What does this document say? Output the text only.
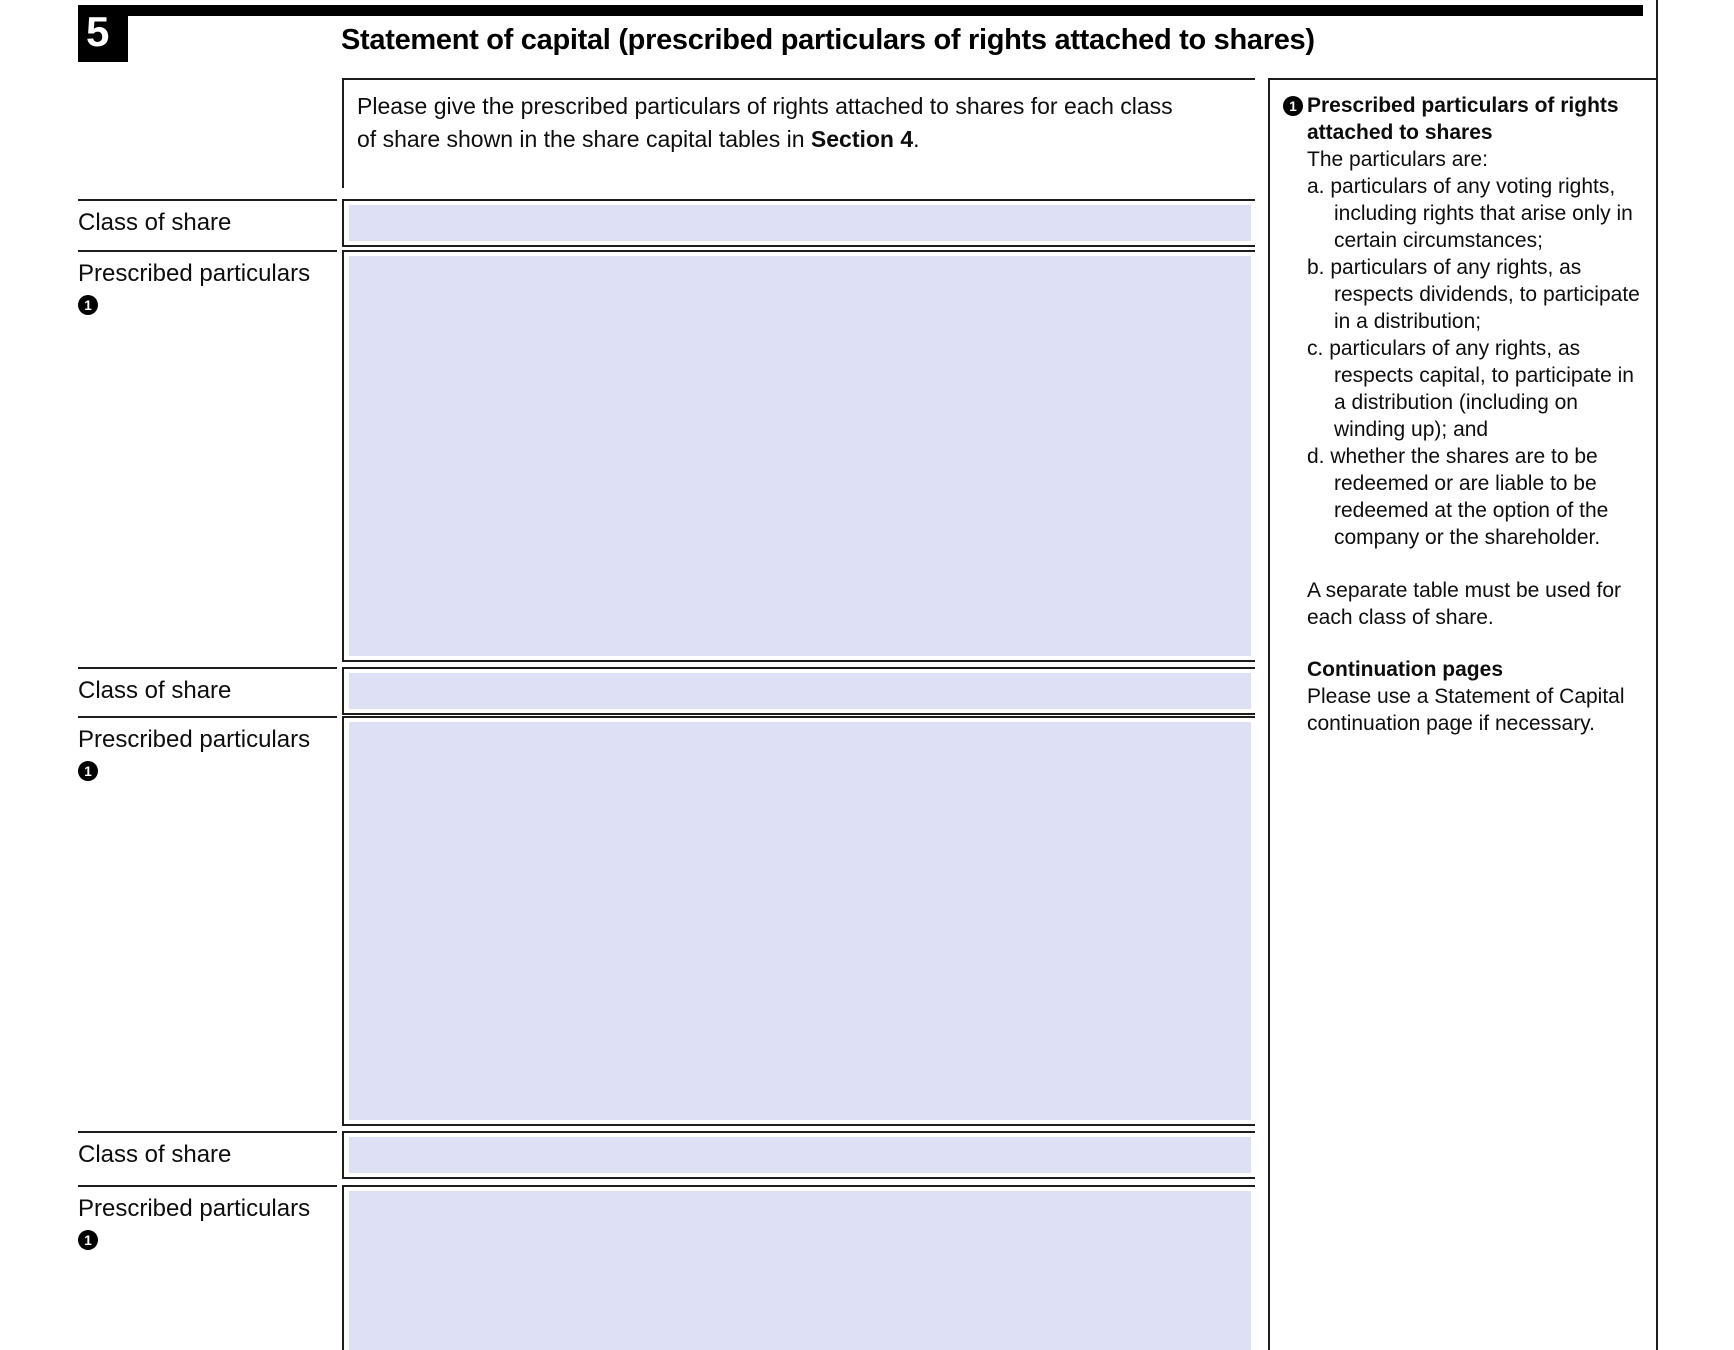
5	Statement of capital (prescribed particulars of rights attached to shares)
Please give the prescribed particulars of rights attached to shares for each class
of share shown in the share capital tables in Section 4.
Class of share
Prescribed particulars
1
Class of share
Prescribed particulars
1
Class of share
Prescribed particulars
1
1 Prescribed particulars of rights attached to shares
The particulars are:
a. particulars of any voting rights, including rights that arise only in certain circumstances;
b. particulars of any rights, as respects dividends, to participate in a distribution;
c. particulars of any rights, as respects capital, to participate in a distribution (including on winding up); and
d. whether the shares are to be redeemed or are liable to be redeemed at the option of the company or the shareholder.
A separate table must be used for each class of share.
Continuation pages
Please use a Statement of Capital continuation page if necessary.
